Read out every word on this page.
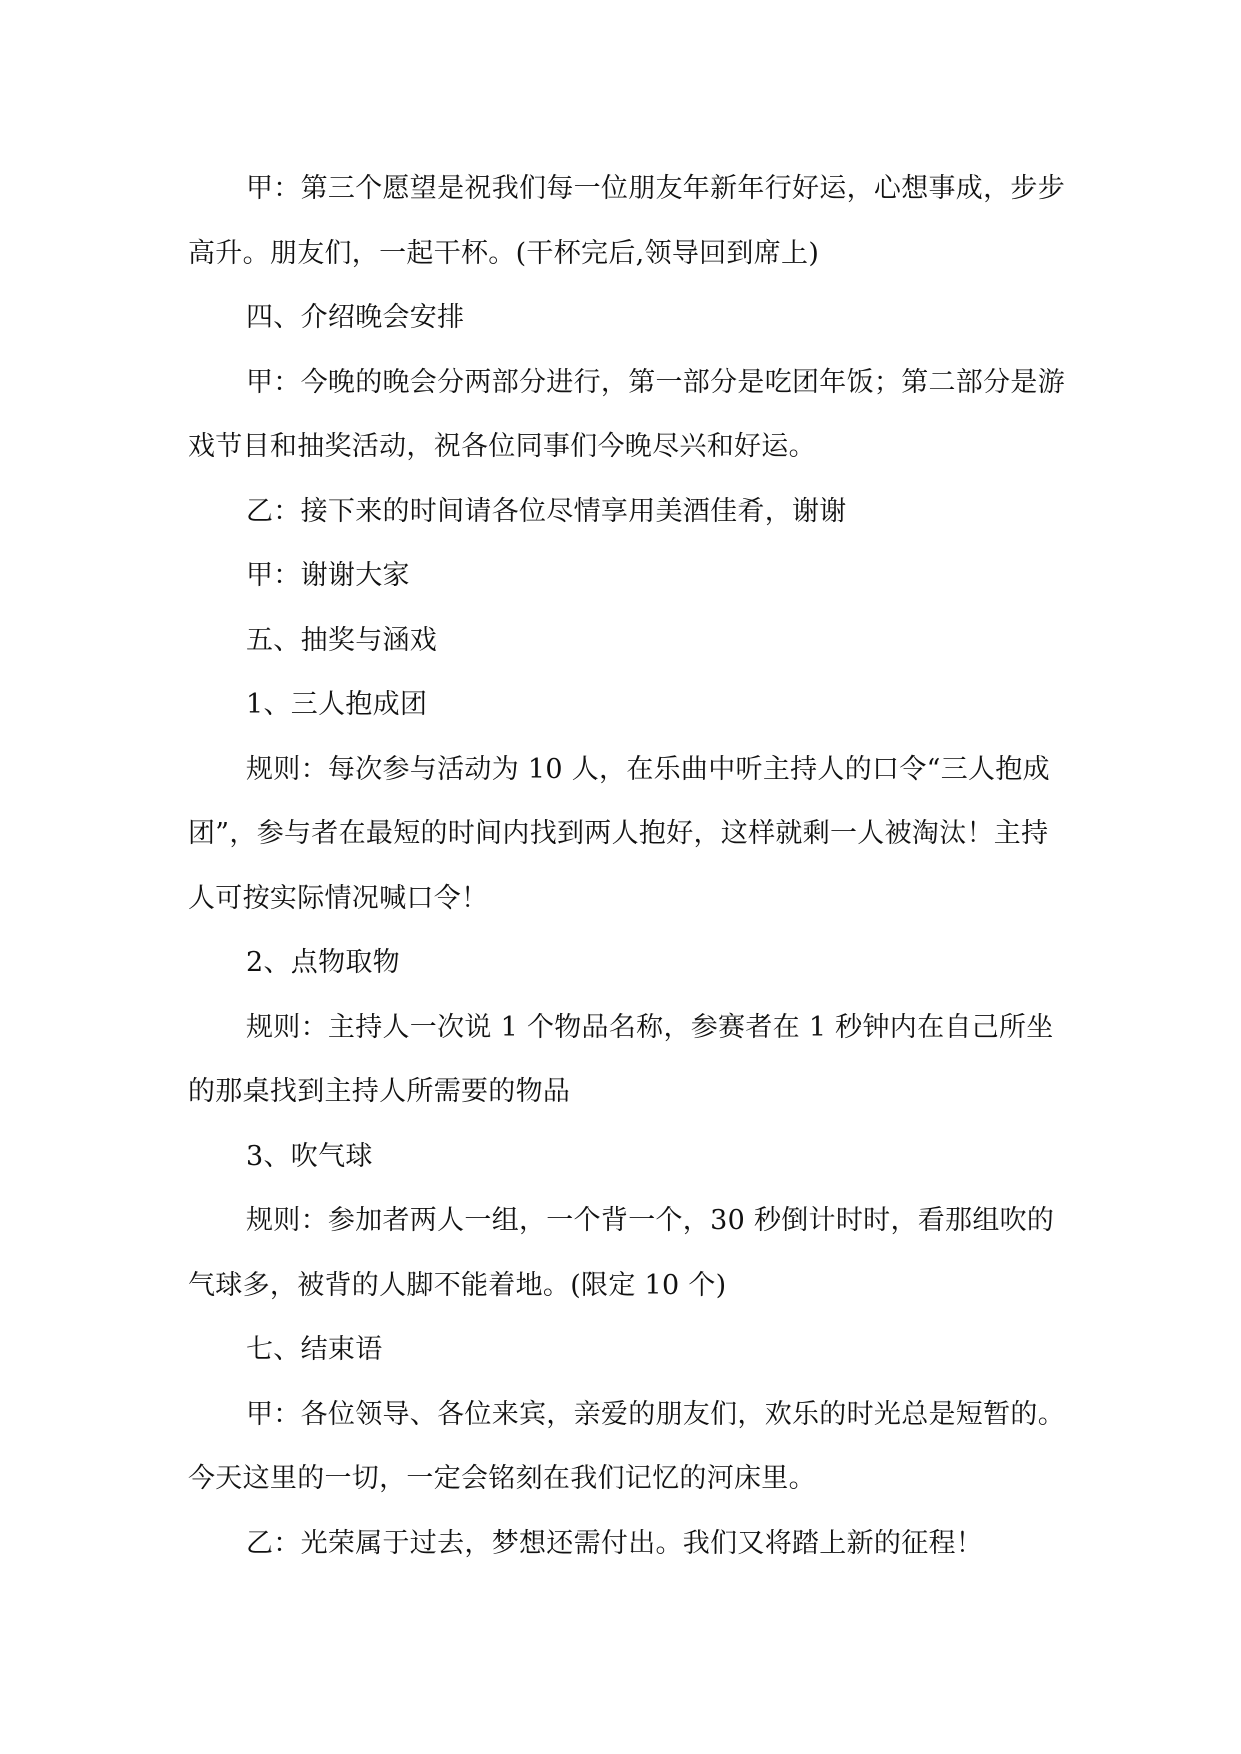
甲：第三个愿望是祝我们每一位朋友年新年行好运，心想事成，步步高升。朋友们，一起干杯。(干杯完后,领导回到席上)

四、介绍晚会安排

甲：今晚的晚会分两部分进行，第一部分是吃团年饭；第二部分是游戏节目和抽奖活动，祝各位同事们今晚尽兴和好运。

乙：接下来的时间请各位尽情享用美酒佳肴，谢谢

甲：谢谢大家

五、抽奖与涵戏

1、三人抱成团

规则：每次参与活动为 10 人，在乐曲中听主持人的口令“三人抱成团”，参与者在最短的时间内找到两人抱好，这样就剩一人被淘汰！主持人可按实际情况喊口令！

2、点物取物

规则：主持人一次说 1 个物品名称，参赛者在 1 秒钟内在自己所坐的那桌找到主持人所需要的物品

3、吹气球

规则：参加者两人一组，一个背一个，30 秒倒计时时，看那组吹的气球多，被背的人脚不能着地。(限定 10 个)

七、结束语

甲：各位领导、各位来宾，亲爱的朋友们，欢乐的时光总是短暂的。今天这里的一切，一定会铭刻在我们记忆的河床里。

乙：光荣属于过去，梦想还需付出。我们又将踏上新的征程！
